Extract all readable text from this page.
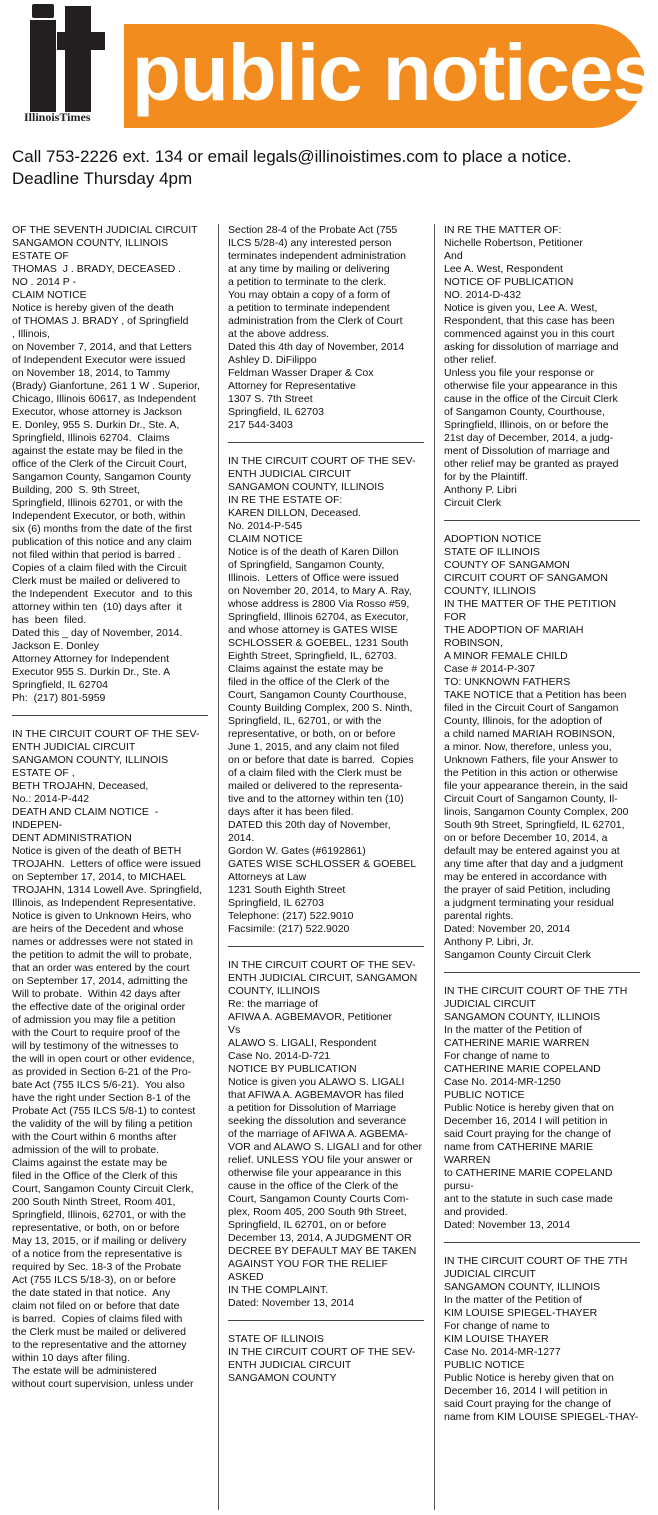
IllinoisTimes public notices
Call 753-2226 ext. 134 or email legals@illinoistimes.com to place a notice.
Deadline Thursday 4pm

OF THE SEVENTH JUDICIAL CIRCUIT
SANGAMON COUNTY, ILLINOIS
ESTATE OF
THOMAS  J . BRADY, DECEASED .
NO . 2014 P -
CLAIM NOTICE
Notice is hereby given of the death
of THOMAS J. BRADY , of Springfield
, Illinois,
on November 7, 2014, and that Letters
of Independent Executor were issued
on November 18, 2014, to Tammy
(Brady) Gianfortune, 261 1 W . Superior,
Chicago, Illinois 60617, as Independent
Executor, whose attorney is Jackson
E. Donley, 955 S. Durkin Dr., Ste. A,
Springfield, Illinois 62704.  Claims
against the estate may be filed in the
office of the Clerk of the Circuit Court,
Sangamon County, Sangamon County
Building, 200  S. 9th Street,
Springfield, Illinois 62701, or with the
Independent Executor, or both, within
six (6) months from the date of the first
publication of this notice and any claim
not filed within that period is barred .
Copies of a claim filed with the Circuit
Clerk must be mailed or delivered to
the Independent  Executor  and  to this
attorney within ten  (10) days after  it
has  been  filed.
Dated this _ day of November, 2014.
Jackson E. Donley
Attorney Attorney for Independent
Executor 955 S. Durkin Dr., Ste. A
Springfield, IL 62704
Ph:  (217) 801-5959

IN THE CIRCUIT COURT OF THE SEV-
ENTH JUDICIAL CIRCUIT
SANGAMON COUNTY, ILLINOIS
ESTATE OF ,
BETH TROJAHN, Deceased,
No.: 2014-P-442
DEATH AND CLAIM NOTICE  - INDEPEN-
DENT ADMINISTRATION
Notice is given of the death of BETH
TROJAHN.  Letters of office were issued
on September 17, 2014, to MICHAEL
TROJAHN, 1314 Lowell Ave. Springfield,
Illinois, as Independent Representative.
Notice is given to Unknown Heirs, who
are heirs of the Decedent and whose
names or addresses were not stated in
the petition to admit the will to probate,
that an order was entered by the court
on September 17, 2014, admitting the
Will to probate.  Within 42 days after
the effective date of the original order
of admission you may file a petition
with the Court to require proof of the
will by testimony of the witnesses to
the will in open court or other evidence,
as provided in Section 6-21 of the Pro-
bate Act (755 ILCS 5/6-21).  You also
have the right under Section 8-1 of the
Probate Act (755 ILCS 5/8-1) to contest
the validity of the will by filing a petition
with the Court within 6 months after
admission of the will to probate.
Claims against the estate may be
filed in the Office of the Clerk of this
Court, Sangamon County Circuit Clerk,
200 South Ninth Street, Room 401,
Springfield, Illinois, 62701, or with the
representative, or both, on or before
May 13, 2015, or if mailing or delivery
of a notice from the representative is
required by Sec. 18-3 of the Probate
Act (755 ILCS 5/18-3), on or before
the date stated in that notice.  Any
claim not filed on or before that date
is barred.  Copies of claims filed with
the Clerk must be mailed or delivered
to the representative and the attorney
within 10 days after filing.
The estate will be administered
without court supervision, unless under

Section 28-4 of the Probate Act (755
ILCS 5/28-4) any interested person
terminates independent administration
at any time by mailing or delivering
a petition to terminate to the clerk.
You may obtain a copy of a form of
a petition to terminate independent
administration from the Clerk of Court
at the above address.
Dated this 4th day of November, 2014
Ashley D. DiFilippo
Feldman Wasser Draper & Cox
Attorney for Representative
1307 S. 7th Street
Springfield, IL 62703
217 544-3403

IN THE CIRCUIT COURT OF THE SEV-
ENTH JUDICIAL CIRCUIT
SANGAMON COUNTY, ILLINOIS
IN RE THE ESTATE OF:
KAREN DILLON, Deceased.
No. 2014-P-545
CLAIM NOTICE
Notice is of the death of Karen Dillon
of Springfield, Sangamon County,
Illinois.  Letters of Office were issued
on November 20, 2014, to Mary A. Ray,
whose address is 2800 Via Rosso #59,
Springfield, Illinois 62704, as Executor,
and whose attorney is GATES WISE
SCHLOSSER & GOEBEL, 1231 South
Eighth Street, Springfield, IL, 62703.
Claims against the estate may be
filed in the office of the Clerk of the
Court, Sangamon County Courthouse,
County Building Complex, 200 S. Ninth,
Springfield, IL, 62701, or with the
representative, or both, on or before
June 1, 2015, and any claim not filed
on or before that date is barred.  Copies
of a claim filed with the Clerk must be
mailed or delivered to the representa-
tive and to the attorney within ten (10)
days after it has been filed.
DATED this 20th day of November,
2014.
Gordon W. Gates (#6192861)
GATES WISE SCHLOSSER & GOEBEL
Attorneys at Law
1231 South Eighth Street
Springfield, IL 62703
Telephone: (217) 522.9010
Facsimile: (217) 522.9020

IN THE CIRCUIT COURT OF THE SEV-
ENTH JUDICIAL CIRCUIT, SANGAMON
COUNTY, ILLINOIS
Re: the marriage of
AFIWA A. AGBEMAVOR, Petitioner
Vs
ALAWO S. LIGALI, Respondent
Case No. 2014-D-721
NOTICE BY PUBLICATION
Notice is given you ALAWO S. LIGALI
that AFIWA A. AGBEMAVOR has filed
a petition for Dissolution of Marriage
seeking the dissolution and severance
of the marriage of AFIWA A. AGBEMA-
VOR and ALAWO S. LIGALI and for other
relief. UNLESS YOU file your answer or
otherwise file your appearance in this
cause in the office of the Clerk of the
Court, Sangamon County Courts Com-
plex, Room 405, 200 South 9th Street,
Springfield, IL 62701, on or before
December 13, 2014, A JUDGMENT OR
DECREE BY DEFAULT MAY BE TAKEN
AGAINST YOU FOR THE RELIEF ASKED
IN THE COMPLAINT.
Dated: November 13, 2014

STATE OF ILLINOIS
IN THE CIRCUIT COURT OF THE SEV-
ENTH JUDICIAL CIRCUIT
SANGAMON COUNTY

IN RE THE MATTER OF:
Nichelle Robertson, Petitioner
And
Lee A. West, Respondent
NOTICE OF PUBLICATION
NO. 2014-D-432
Notice is given you, Lee A. West,
Respondent, that this case has been
commenced against you in this court
asking for dissolution of marriage and
other relief.
Unless you file your response or
otherwise file your appearance in this
cause in the office of the Circuit Clerk
of Sangamon County, Courthouse,
Springfield, Illinois, on or before the
21st day of December, 2014, a judg-
ment of Dissolution of marriage and
other relief may be granted as prayed
for by the Plaintiff.
Anthony P. Libri
Circuit Clerk

ADOPTION NOTICE
STATE OF ILLINOIS
COUNTY OF SANGAMON
CIRCUIT COURT OF SANGAMON
COUNTY, ILLINOIS
IN THE MATTER OF THE PETITION FOR
THE ADOPTION OF MARIAH ROBINSON,
A MINOR FEMALE CHILD
Case # 2014-P-307
TO: UNKNOWN FATHERS
TAKE NOTICE that a Petition has been
filed in the Circuit Court of Sangamon
County, Illinois, for the adoption of
a child named MARIAH ROBINSON,
a minor. Now, therefore, unless you,
Unknown Fathers, file your Answer to
the Petition in this action or otherwise
file your appearance therein, in the said
Circuit Court of Sangamon County, Il-
linois, Sangamon County Complex, 200
South 9th Street, Springfield, IL 62701,
on or before December 10, 2014, a
default may be entered against you at
any time after that day and a judgment
may be entered in accordance with
the prayer of said Petition, including
a judgment terminating your residual
parental rights.
Dated: November 20, 2014
Anthony P. Libri, Jr.
Sangamon County Circuit Clerk

IN THE CIRCUIT COURT OF THE 7TH
JUDICIAL CIRCUIT
SANGAMON COUNTY, ILLINOIS
In the matter of the Petition of
CATHERINE MARIE WARREN
For change of name to
CATHERINE MARIE COPELAND
Case No. 2014-MR-1250
PUBLIC NOTICE
Public Notice is hereby given that on
December 16, 2014 I will petition in
said Court praying for the change of
name from CATHERINE MARIE WARREN
to CATHERINE MARIE COPELAND pursu-
ant to the statute in such case made
and provided.
Dated: November 13, 2014

IN THE CIRCUIT COURT OF THE 7TH
JUDICIAL CIRCUIT
SANGAMON COUNTY, ILLINOIS
In the matter of the Petition of
KIM LOUISE SPIEGEL-THAYER
For change of name to
KIM LOUISE THAYER
Case No. 2014-MR-1277
PUBLIC NOTICE
Public Notice is hereby given that on
December 16, 2014 I will petition in
said Court praying for the change of
name from KIM LOUISE SPIEGEL-THAY-
